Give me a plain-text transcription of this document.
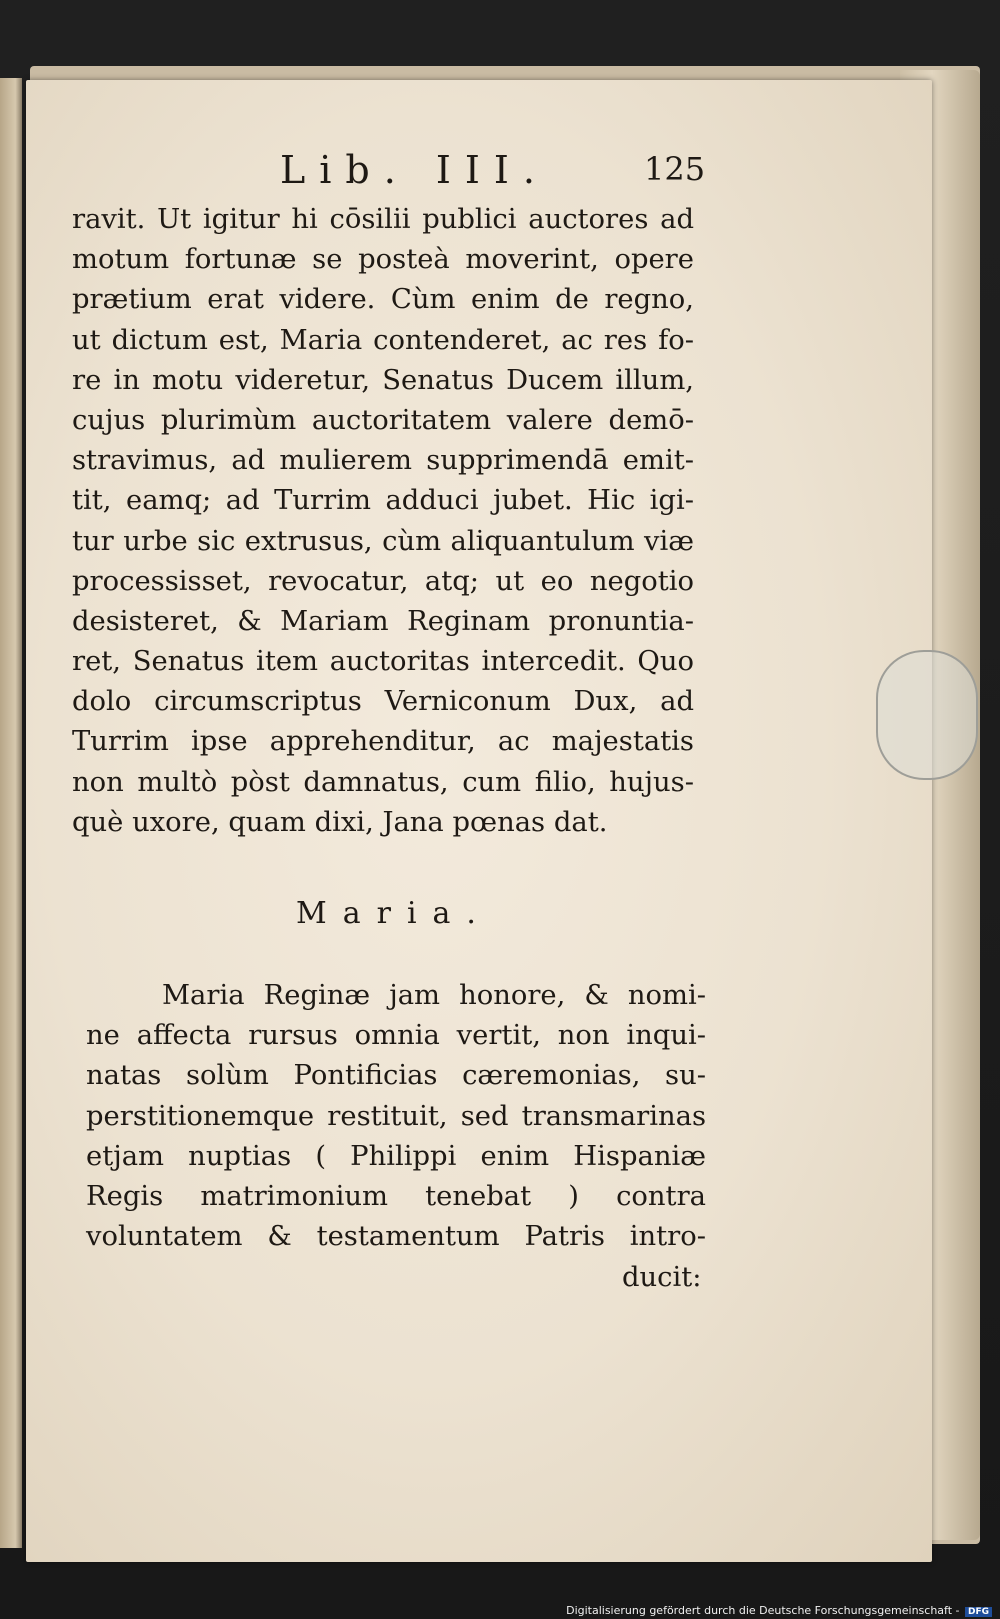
Lib. III.	125
ravit. Ut igitur hi cōsilii publici auctores ad
motum fortunæ se posteà moverint, opere
prætium erat videre. Cùm enim de regno,
ut dictum est, Maria contenderet, ac res fo-
re in motu videretur, Senatus Ducem illum,
cujus plurimùm auctoritatem valere demō-
stravimus, ad mulierem supprimendā emit-
tit, eamq; ad Turrim adduci jubet. Hic igi-
tur urbe sic extrusus, cùm aliquantulum viæ
processisset, revocatur, atq; ut eo negotio
desisteret, & Mariam Reginam pronuntia-
ret, Senatus item auctoritas intercedit. Quo
dolo circumscriptus Verniconum Dux, ad
Turrim ipse apprehenditur, ac majestatis
non multò pòst damnatus, cum filio, hujus-
què uxore, quam dixi, Jana pœnas dat.
Maria.
Maria Reginæ jam honore, & nomi-
ne affecta rursus omnia vertit, non inqui-
natas solùm Pontificias cæremonias, su-
perstitionemque restituit, sed transmarinas
etjam nuptias ( Philippi enim Hispaniæ
Regis matrimonium tenebat ) contra
voluntatem & testamentum Patris intro-
ducit:
Digitalisierung gefördert durch die Deutsche Forschungsgemeinschaft - DFG
